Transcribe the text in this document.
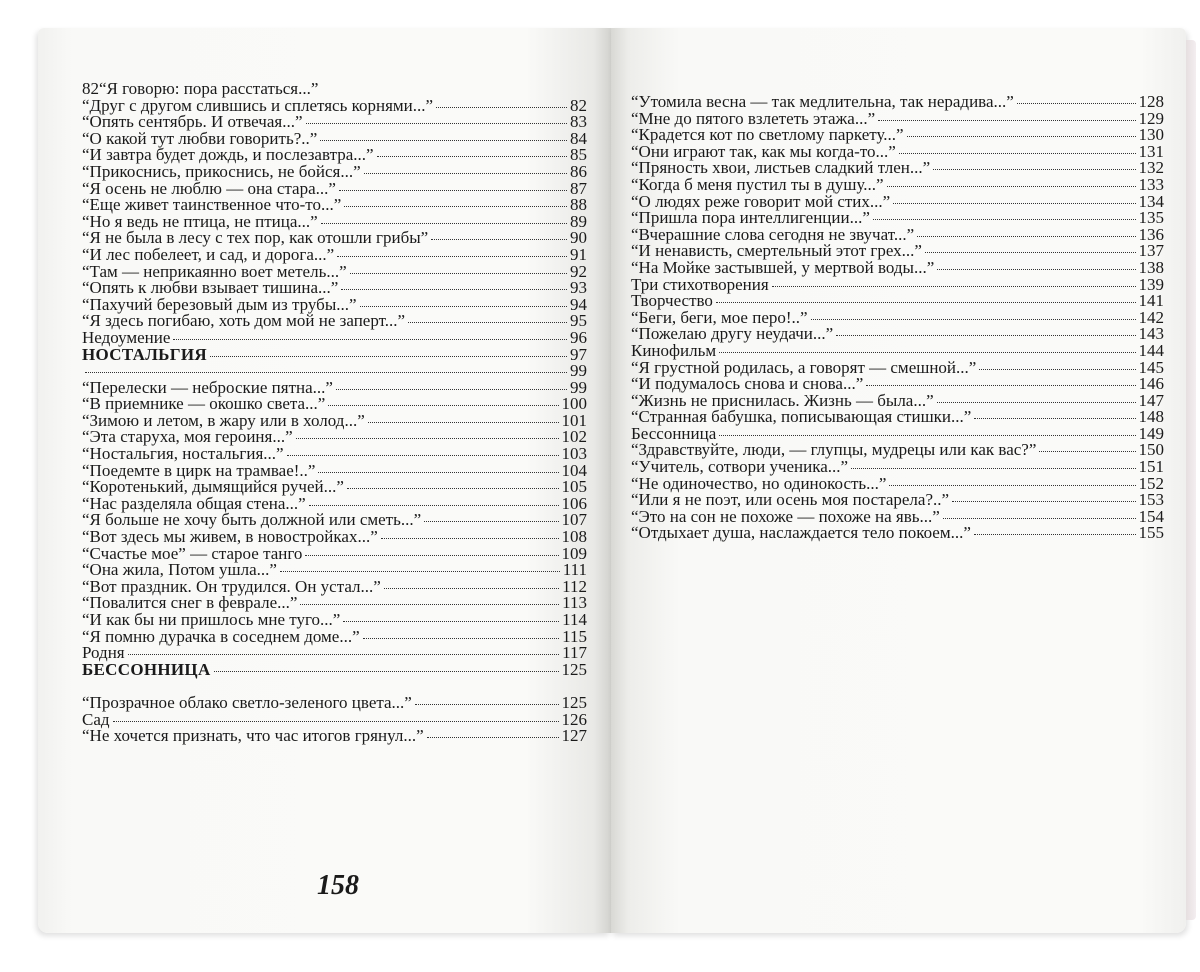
82“Я говорю: пора расстаться...”
“Друг с другом слившись и сплетясь корнями...”	82
“Опять сентябрь. И отвечая...”	83
“О какой тут любви говорить?..”	84
“И завтра будет дождь, и послезавтра...”	85
“Прикоснись, прикоснись, не бойся...”	86
“Я осень не люблю — она стара...”	87
“Еще живет таинственное что-то...”	88
“Но я ведь не птица, не птица...”	89
“Я не была в лесу с тех пор, как отошли грибы”	90
“И лес побелеет, и сад, и дорога...”	91
“Там — неприкаянно воет метель...”	92
“Опять к любви взывает тишина...”	93
“Пахучий березовый дым из трубы...”	94
“Я здесь погибаю, хоть дом мой не заперт...”	95
Недоумение	96
НОСТАЛЬГИЯ	97
99
“Перелески — неброские пятна...”	99
“В приемнике — окошко света...”	100
“Зимою и летом, в жару или в холод...”	101
“Эта старуха, моя героиня...”	102
“Ностальгия, ностальгия...”	103
“Поедемте в цирк на трамвае!..”	104
“Коротенький, дымящийся ручей...”	105
“Нас разделяла общая стена...”	106
“Я больше не хочу быть должной или сметь...”	107
“Вот здесь мы живем, в новостройках...”	108
“Счастье мое” — старое танго	109
“Она жила, Потом ушла...”	111
“Вот праздник. Он трудился. Он устал...”	112
“Повалится снег в феврале...”	113
“И как бы ни пришлось мне туго...”	114
“Я помню дурачка в соседнем доме...”	115
Родня	117
БЕССОННИЦА	125
“Прозрачное облако светло-зеленого цвета...”	125
Сад	126
“Не хочется признать, что час итогов грянул...”	127
158
“Утомила весна — так медлительна, так нерадива...”	128
“Мне до пятого взлететь этажа...”	129
“Крадется кот по светлому паркету...”	130
“Они играют так, как мы когда-то...”	131
“Пряность хвои, листьев сладкий тлен...”	132
“Когда б меня пустил ты в душу...”	133
“О людях реже говорит мой стих...”	134
“Пришла пора интеллигенции...”	135
“Вчерашние слова сегодня не звучат...”	136
“И ненависть, смертельный этот грех...”	137
“На Мойке застывшей, у мертвой воды...”	138
Три стихотворения	139
Творчество	141
“Беги, беги, мое перо!..”	142
“Пожелаю другу неудачи...”	143
Кинофильм	144
“Я грустной родилась, а говорят — смешной...”	145
“И подумалось снова и снова...”	146
“Жизнь не приснилась. Жизнь — была...”	147
“Странная бабушка, пописывающая стишки...”	148
Бессонница	149
“Здравствуйте, люди, — глупцы, мудрецы или как вас?”	150
“Учитель, сотвори ученика...”	151
“Не одиночество, но одинокость...”	152
“Или я не поэт, или осень моя постарела?..”	153
“Это на сон не похоже — похоже на явь...”	154
“Отдыхает душа, наслаждается тело покоем...”	155
